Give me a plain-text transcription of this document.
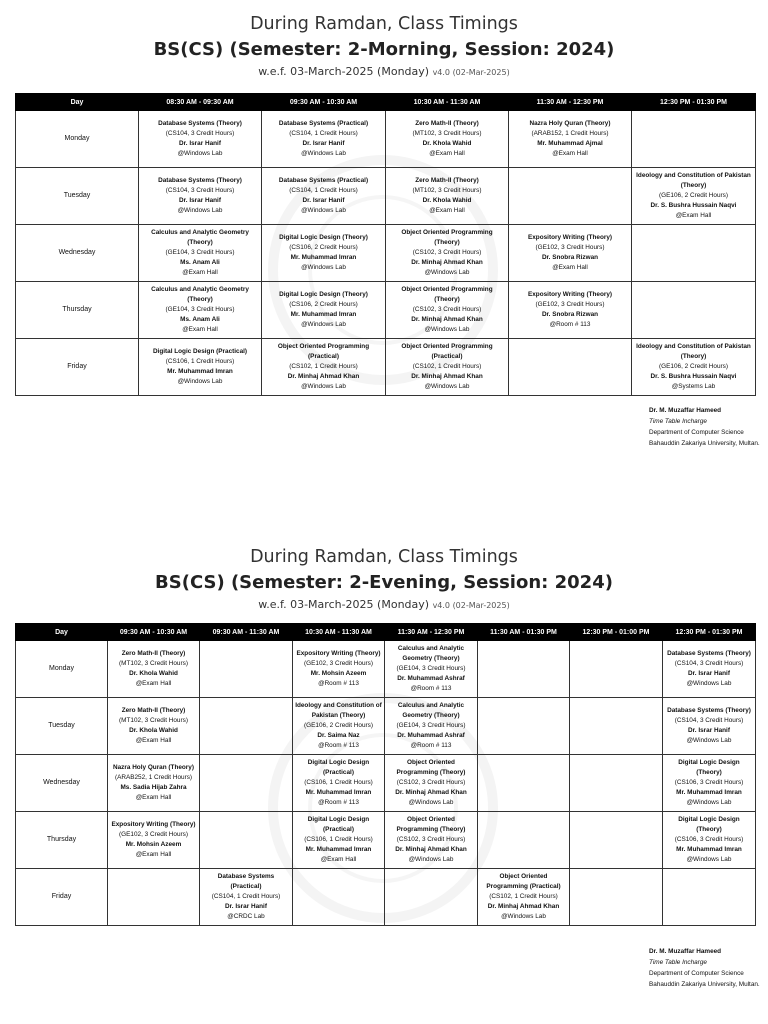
During Ramdan, Class Timings
BS(CS) (Semester: 2-Morning, Session: 2024)
w.e.f. 03-March-2025 (Monday) v4.0 (02-Mar-2025)
Day	08:30 AM - 09:30 AM	09:30 AM - 10:30 AM	10:30 AM - 11:30 AM	11:30 AM - 12:30 PM	12:30 PM - 01:30 PM
Monday	Database Systems (Theory)
(CS104, 3 Credit Hours)
Dr. Israr Hanif
@Windows Lab	Database Systems (Practical)
(CS104, 1 Credit Hours)
Dr. Israr Hanif
@Windows Lab	Zero Math-II (Theory)
(MT102, 3 Credit Hours)
Dr. Khola Wahid
@Exam Hall	Nazra Holy Quran (Theory)
(ARAB152, 1 Credit Hours)
Mr. Muhammad Ajmal
@Exam Hall	

Tuesday	Database Systems (Theory)
(CS104, 3 Credit Hours)
Dr. Israr Hanif
@Windows Lab	Database Systems (Practical)
(CS104, 1 Credit Hours)
Dr. Israr Hanif
@Windows Lab	Zero Math-II (Theory)
(MT102, 3 Credit Hours)
Dr. Khola Wahid
@Exam Hall		Ideology and Constitution of Pakistan (Theory)
(GE106, 2 Credit Hours)
Dr. S. Bushra Hussain Naqvi
@Exam Hall

Wednesday	Calculus and Analytic Geometry (Theory)
(GE104, 3 Credit Hours)
Ms. Anam Ali
@Exam Hall	Digital Logic Design (Theory)
(CS106, 2 Credit Hours)
Mr. Muhammad Imran
@Windows Lab	Object Oriented Programming (Theory)
(CS102, 3 Credit Hours)
Dr. Minhaj Ahmad Khan
@Windows Lab	Expository Writing (Theory)
(GE102, 3 Credit Hours)
Dr. Snobra Rizwan
@Exam Hall	

Thursday	Calculus and Analytic Geometry (Theory)
(GE104, 3 Credit Hours)
Ms. Anam Ali
@Exam Hall	Digital Logic Design (Theory)
(CS106, 2 Credit Hours)
Mr. Muhammad Imran
@Windows Lab	Object Oriented Programming (Theory)
(CS102, 3 Credit Hours)
Dr. Minhaj Ahmad Khan
@Windows Lab	Expository Writing (Theory)
(GE102, 3 Credit Hours)
Dr. Snobra Rizwan
@Room # 113	

Friday	Digital Logic Design (Practical)
(CS106, 1 Credit Hours)
Mr. Muhammad Imran
@Windows Lab	Object Oriented Programming (Practical)
(CS102, 1 Credit Hours)
Dr. Minhaj Ahmad Khan
@Windows Lab	Object Oriented Programming (Practical)
(CS102, 1 Credit Hours)
Dr. Minhaj Ahmad Khan
@Windows Lab		Ideology and Constitution of Pakistan (Theory)
(GE106, 2 Credit Hours)
Dr. S. Bushra Hussain Naqvi
@Systems Lab
Dr. M. Muzaffar Hameed
Time Table Incharge
Department of Computer Science
Bahauddin Zakariya University, Multan.
During Ramdan, Class Timings
BS(CS) (Semester: 2-Evening, Session: 2024)
w.e.f. 03-March-2025 (Monday) v4.0 (02-Mar-2025)
Day	09:30 AM - 10:30 AM	09:30 AM - 11:30 AM	10:30 AM - 11:30 AM	11:30 AM - 12:30 PM	11:30 AM - 01:30 PM	12:30 PM - 01:00 PM	12:30 PM - 01:30 PM
Monday	Zero Math-II (Theory)
(MT102, 3 Credit Hours)
Dr. Khola Wahid
@Exam Hall		Expository Writing (Theory)
(GE102, 3 Credit Hours)
Mr. Mohsin Azeem
@Room # 113	Calculus and Analytic Geometry (Theory)
(GE104, 3 Credit Hours)
Dr. Muhammad Ashraf
@Room # 113			Database Systems (Theory)
(CS104, 3 Credit Hours)
Dr. Israr Hanif
@Windows Lab

Tuesday	Zero Math-II (Theory)
(MT102, 3 Credit Hours)
Dr. Khola Wahid
@Exam Hall		Ideology and Constitution of Pakistan (Theory)
(GE106, 2 Credit Hours)
Dr. Saima Naz
@Room # 113	Calculus and Analytic Geometry (Theory)
(GE104, 3 Credit Hours)
Dr. Muhammad Ashraf
@Room # 113			Database Systems (Theory)
(CS104, 3 Credit Hours)
Dr. Israr Hanif
@Windows Lab

Wednesday	Nazra Holy Quran (Theory)
(ARAB252, 1 Credit Hours)
Ms. Sadia Hijab Zahra
@Exam Hall		Digital Logic Design (Practical)
(CS106, 1 Credit Hours)
Mr. Muhammad Imran
@Room # 113	Object Oriented Programming (Theory)
(CS102, 3 Credit Hours)
Dr. Minhaj Ahmad Khan
@Windows Lab			Digital Logic Design (Theory)
(CS106, 3 Credit Hours)
Mr. Muhammad Imran
@Windows Lab

Thursday	Expository Writing (Theory)
(GE102, 3 Credit Hours)
Mr. Mohsin Azeem
@Exam Hall		Digital Logic Design (Practical)
(CS106, 1 Credit Hours)
Mr. Muhammad Imran
@Exam Hall	Object Oriented Programming (Theory)
(CS102, 3 Credit Hours)
Dr. Minhaj Ahmad Khan
@Windows Lab			Digital Logic Design (Theory)
(CS106, 3 Credit Hours)
Mr. Muhammad Imran
@Windows Lab

Friday		Database Systems (Practical)
(CS104, 1 Credit Hours)
Dr. Israr Hanif
@CRDC Lab			Object Oriented Programming (Practical)
(CS102, 1 Credit Hours)
Dr. Minhaj Ahmad Khan
@Windows Lab		

Dr. M. Muzaffar Hameed
Time Table Incharge
Department of Computer Science
Bahauddin Zakariya University, Multan.
